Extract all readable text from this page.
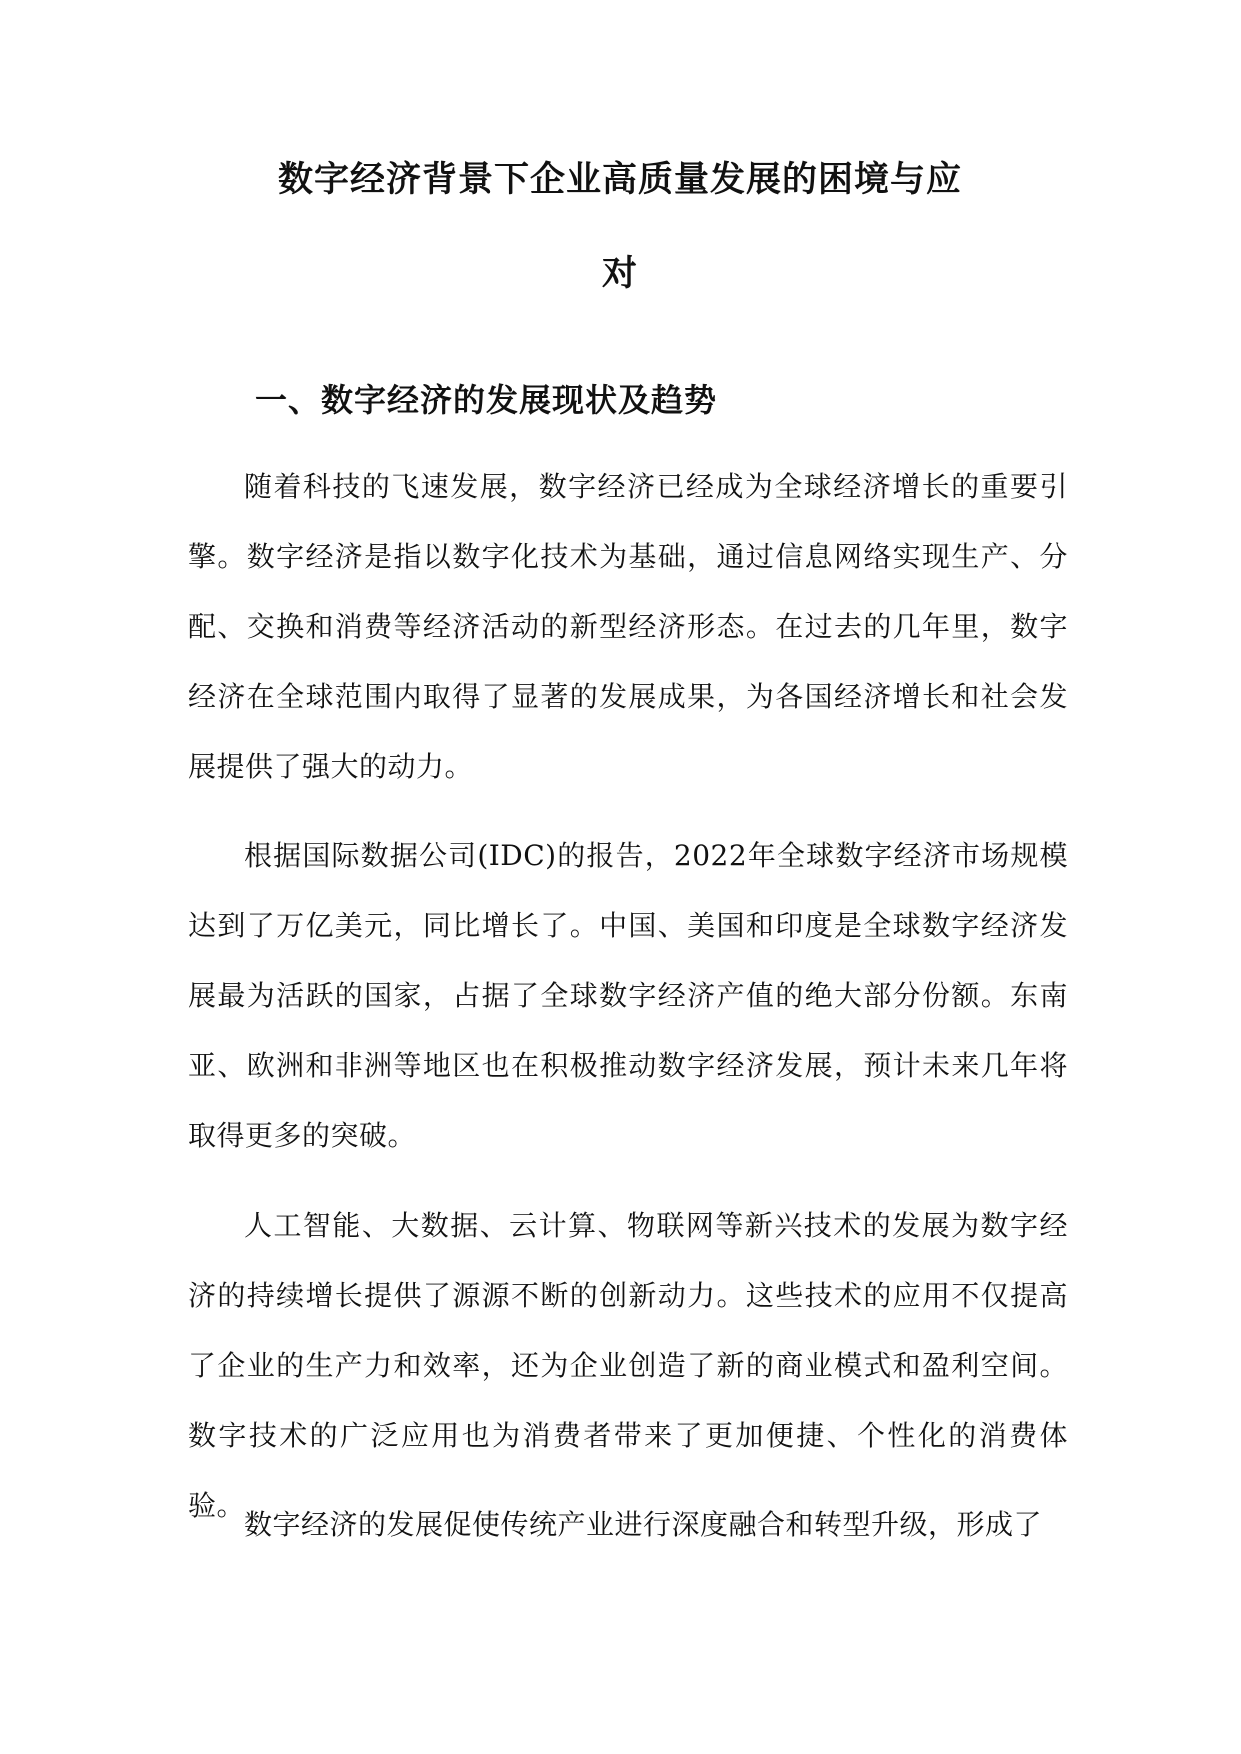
数字经济背景下企业高质量发展的困境与应
对
一、数字经济的发展现状及趋势

随着科技的飞速发展，数字经济已经成为全球经济增长的重要引擎。数字经济是指以数字化技术为基础，通过信息网络实现生产、分配、交换和消费等经济活动的新型经济形态。在过去的几年里，数字经济在全球范围内取得了显著的发展成果，为各国经济增长和社会发展提供了强大的动力。

根据国际数据公司(IDC)的报告，2022年全球数字经济市场规模达到了万亿美元，同比增长了。中国、美国和印度是全球数字经济发展最为活跃的国家，占据了全球数字经济产值的绝大部分份额。东南亚、欧洲和非洲等地区也在积极推动数字经济发展，预计未来几年将取得更多的突破。

人工智能、大数据、云计算、物联网等新兴技术的发展为数字经济的持续增长提供了源源不断的创新动力。这些技术的应用不仅提高了企业的生产力和效率，还为企业创造了新的商业模式和盈利空间。数字技术的广泛应用也为消费者带来了更加便捷、个性化的消费体验。

数字经济的发展促使传统产业进行深度融合和转型升级，形成了
